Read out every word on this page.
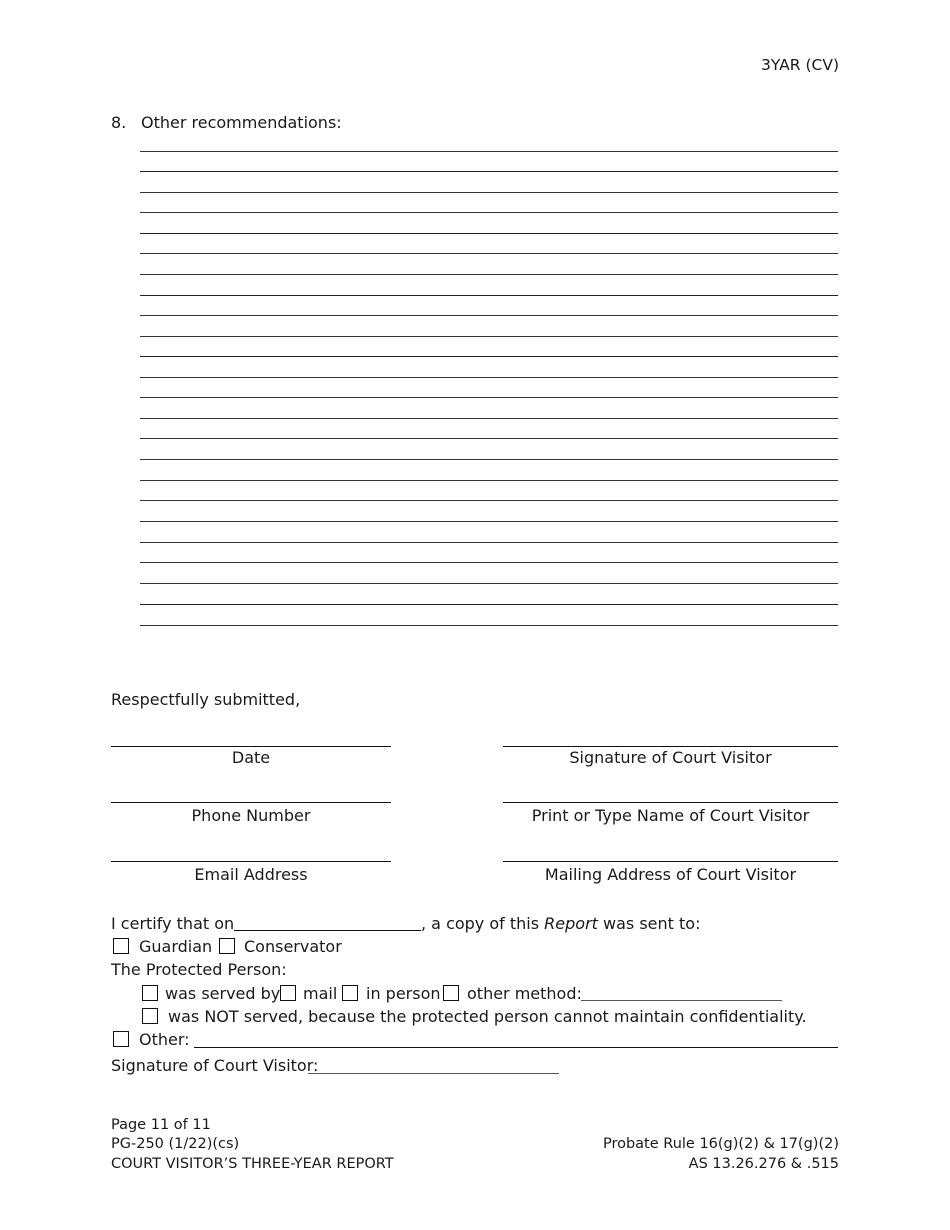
3YAR (CV)
8. Other recommendations:
Respectfully submitted,
Date	Signature of Court Visitor
Phone Number	Print or Type Name of Court Visitor
Email Address	Mailing Address of Court Visitor
I certify that on	, a copy of this Report was sent to:
Guardian Conservator
The Protected Person:
was served by mail in person other method:
was NOT served, because the protected person cannot maintain confidentiality.
Other:
Signature of Court Visitor:
Page 11 of 11
PG-250 (1/22)(cs)
COURT VISITOR’S THREE-YEAR REPORT
Probate Rule 16(g)(2) & 17(g)(2)
AS 13.26.276 & .515
